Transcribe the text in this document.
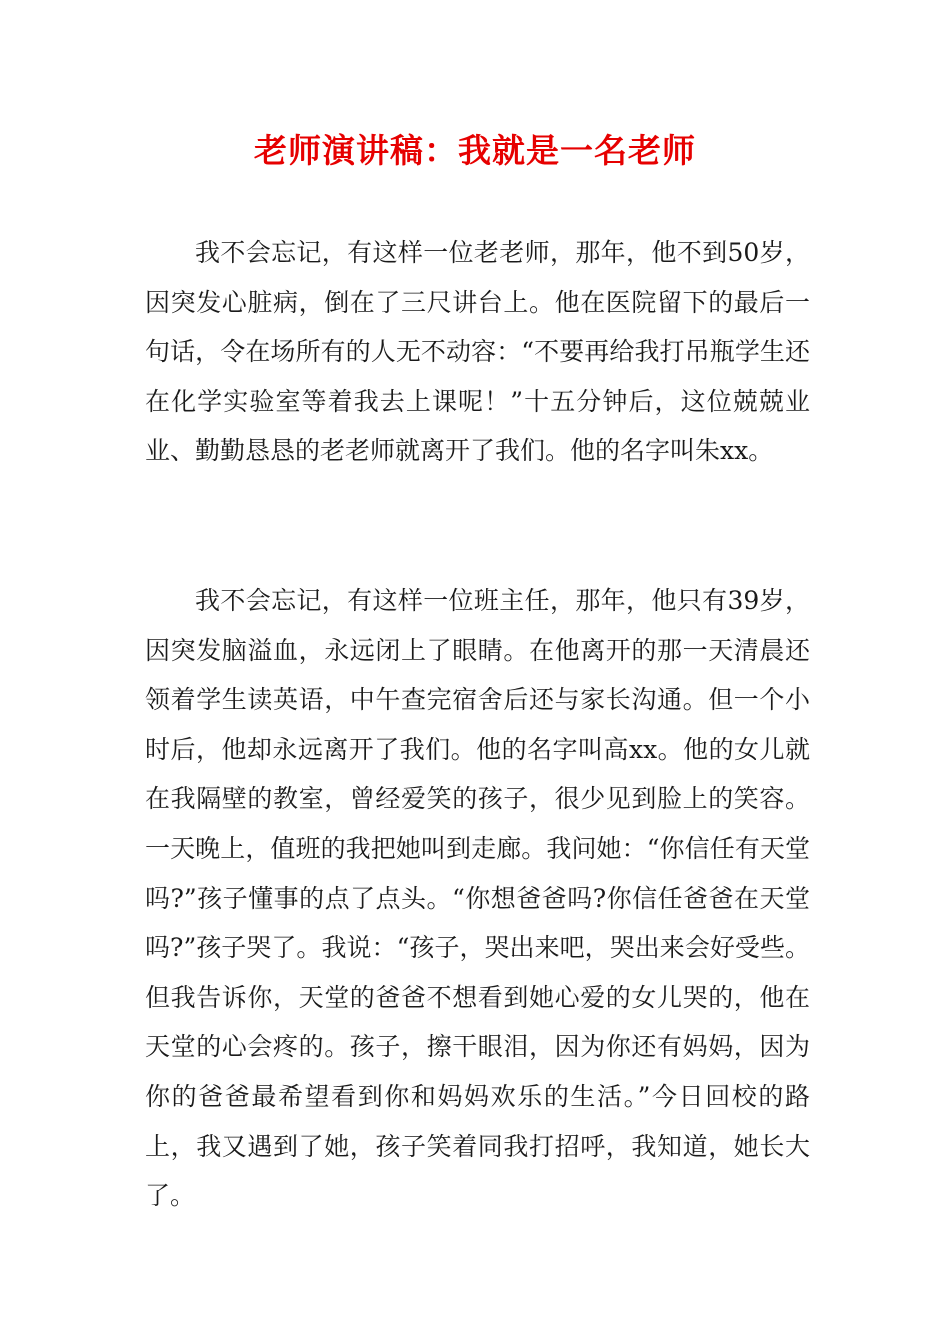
老师演讲稿：我就是一名老师

我不会忘记，有这样一位老老师，那年，他不到50岁，因突发心脏病，倒在了三尺讲台上。他在医院留下的最后一句话，令在场所有的人无不动容：“不要再给我打吊瓶学生还在化学实验室等着我去上课呢！”十五分钟后，这位兢兢业业、勤勤恳恳的老老师就离开了我们。他的名字叫朱xx。

我不会忘记，有这样一位班主任，那年，他只有39岁，因突发脑溢血，永远闭上了眼睛。在他离开的那一天清晨还领着学生读英语，中午查完宿舍后还与家长沟通。但一个小时后，他却永远离开了我们。他的名字叫高xx。他的女儿就在我隔壁的教室，曾经爱笑的孩子，很少见到脸上的笑容。一天晚上，值班的我把她叫到走廊。我问她：“你信任有天堂吗?”孩子懂事的点了点头。“你想爸爸吗?你信任爸爸在天堂吗?”孩子哭了。我说：“孩子，哭出来吧，哭出来会好受些。但我告诉你，天堂的爸爸不想看到她心爱的女儿哭的，他在天堂的心会疼的。孩子，擦干眼泪，因为你还有妈妈，因为你的爸爸最希望看到你和妈妈欢乐的生活。”今日回校的路上，我又遇到了她，孩子笑着同我打招呼，我知道，她长大了。
